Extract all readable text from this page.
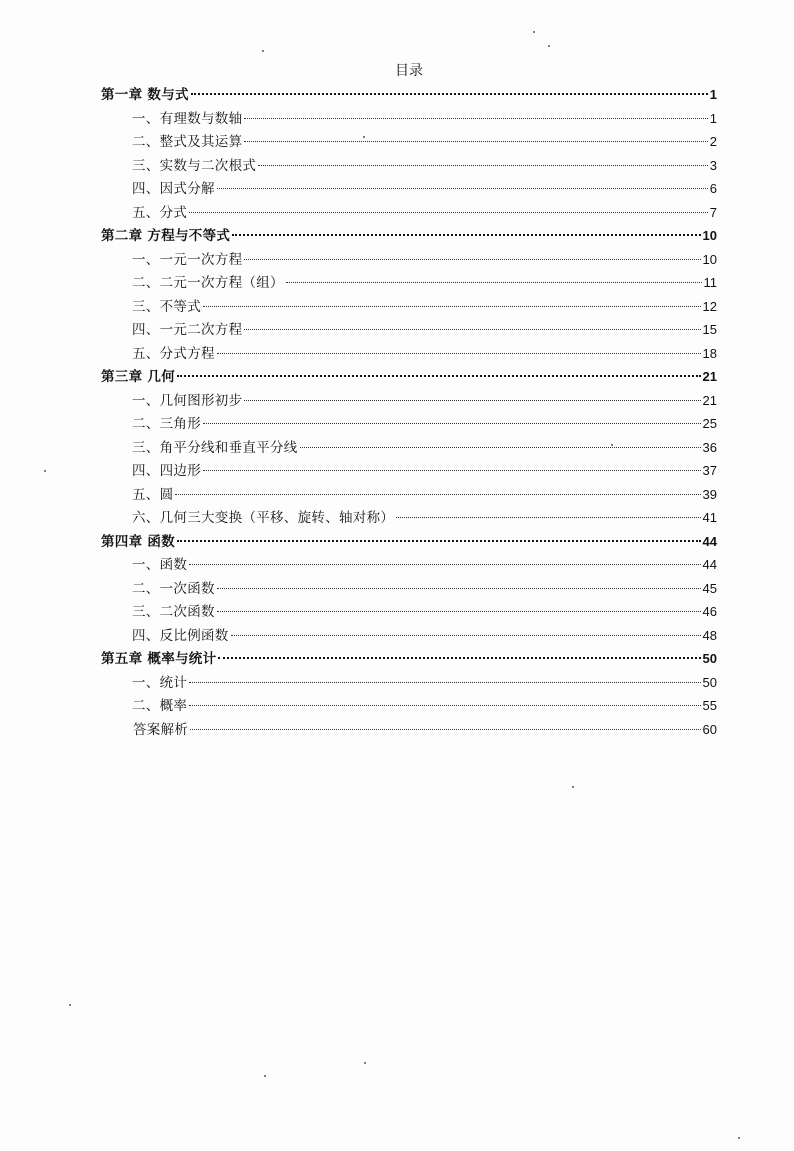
目录
第一章 数与式	1
一、有理数与数轴	1
二、整式及其运算	2
三、实数与二次根式	3
四、因式分解	6
五、分式	7
第二章 方程与不等式	10
一、一元一次方程	10
二、二元一次方程（组）	11
三、不等式	12
四、一元二次方程	15
五、分式方程	18
第三章 几何	21
一、几何图形初步	21
二、三角形	25
三、角平分线和垂直平分线	36
四、四边形	37
五、圆	39
六、几何三大变换（平移、旋转、轴对称）	41
第四章 函数	44
一、函数	44
二、一次函数	45
三、二次函数	46
四、反比例函数	48
第五章 概率与统计	50
一、统计	50
二、概率	55
答案解析	60
